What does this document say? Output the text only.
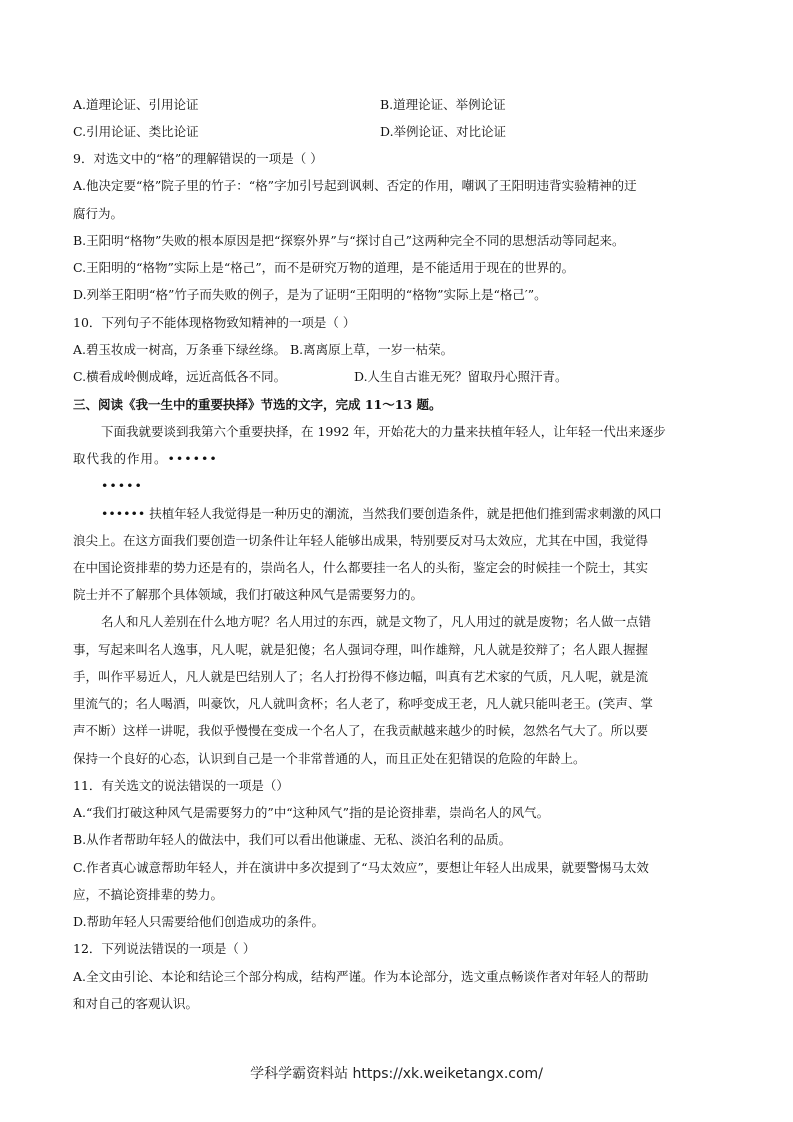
A.道理论证、引用论证	B.道理论证、举例论证
C.引用论证、类比论证	D.举例论证、对比论证
9．对选文中的“格”的理解错误的一项是（ ）
A.他决定要“格”院子里的竹子：“格”字加引号起到讽刺、否定的作用，嘲讽了王阳明违背实验精神的迂
腐行为。
B.王阳明“格物”失败的根本原因是把“探察外界”与“探讨自己”这两种完全不同的思想活动等同起来。
C.王阳明的“格物”实际上是“格己”，而不是研究万物的道理，是不能适用于现在的世界的。
D.列举王阳明“格”竹子而失败的例子，是为了证明“王阳明的“格物”实际上是“格己′”。
10．下列句子不能体现格物致知精神的一项是（ ）
A.碧玉妆成一树高，万条垂下绿丝绦。 B.离离原上草，一岁一枯荣。
C.横看成岭侧成峰，远近高低各不同。	D.人生自古谁无死？留取丹心照汗青。
三、阅读《我一生中的重要抉择》节选的文字，完成 11～13 题。
下面我就要谈到我第六个重要抉择，在 1992 年，开始花大的力量来扶植年轻人，让年轻一代出来逐步
取代我的作用。••••••
•••••
•••••• 扶植年轻人我觉得是一种历史的潮流，当然我们要创造条件，就是把他们推到需求刺激的风口
浪尖上。在这方面我们要创造一切条件让年轻人能够出成果，特别要反对马太效应，尤其在中国，我觉得
在中国论资排辈的势力还是有的，崇尚名人，什么都要挂一名人的头衔，鉴定会的时候挂一个院士，其实
院士并不了解那个具体领域，我们打破这种风气是需要努力的。
名人和凡人差别在什么地方呢？名人用过的东西，就是文物了，凡人用过的就是废物；名人做一点错
事，写起来叫名人逸事，凡人呢，就是犯傻；名人强词夺理，叫作雄辩，凡人就是狡辩了；名人跟人握握
手，叫作平易近人，凡人就是巴结别人了；名人打扮得不修边幅，叫真有艺术家的气质，凡人呢，就是流
里流气的；名人喝酒，叫豪饮，凡人就叫贪杯；名人老了，称呼变成王老，凡人就只能叫老王。(笑声、掌
声不断）这样一讲呢，我似乎慢慢在变成一个名人了，在我贡献越来越少的时候，忽然名气大了。所以要
保持一个良好的心态，认识到自己是一个非常普通的人，而且正处在犯错误的危险的年龄上。
11．有关选文的说法错误的一项是（）
A.“我们打破这种风气是需要努力的”中“这种风气”指的是论资排辈，崇尚名人的风气。
B.从作者帮助年轻人的做法中，我们可以看出他谦虚、无私、淡泊名利的品质。
C.作者真心诚意帮助年轻人，并在演讲中多次提到了“马太效应”，要想让年轻人出成果，就要警惕马太效
应，不搞论资排辈的势力。
D.帮助年轻人只需要给他们创造成功的条件。
12．下列说法错误的一项是（ ）
A.全文由引论、本论和结论三个部分构成，结构严谨。作为本论部分，选文重点畅谈作者对年轻人的帮助
和对自己的客观认识。
学科学霸资料站 https://xk.weiketangx.com/
